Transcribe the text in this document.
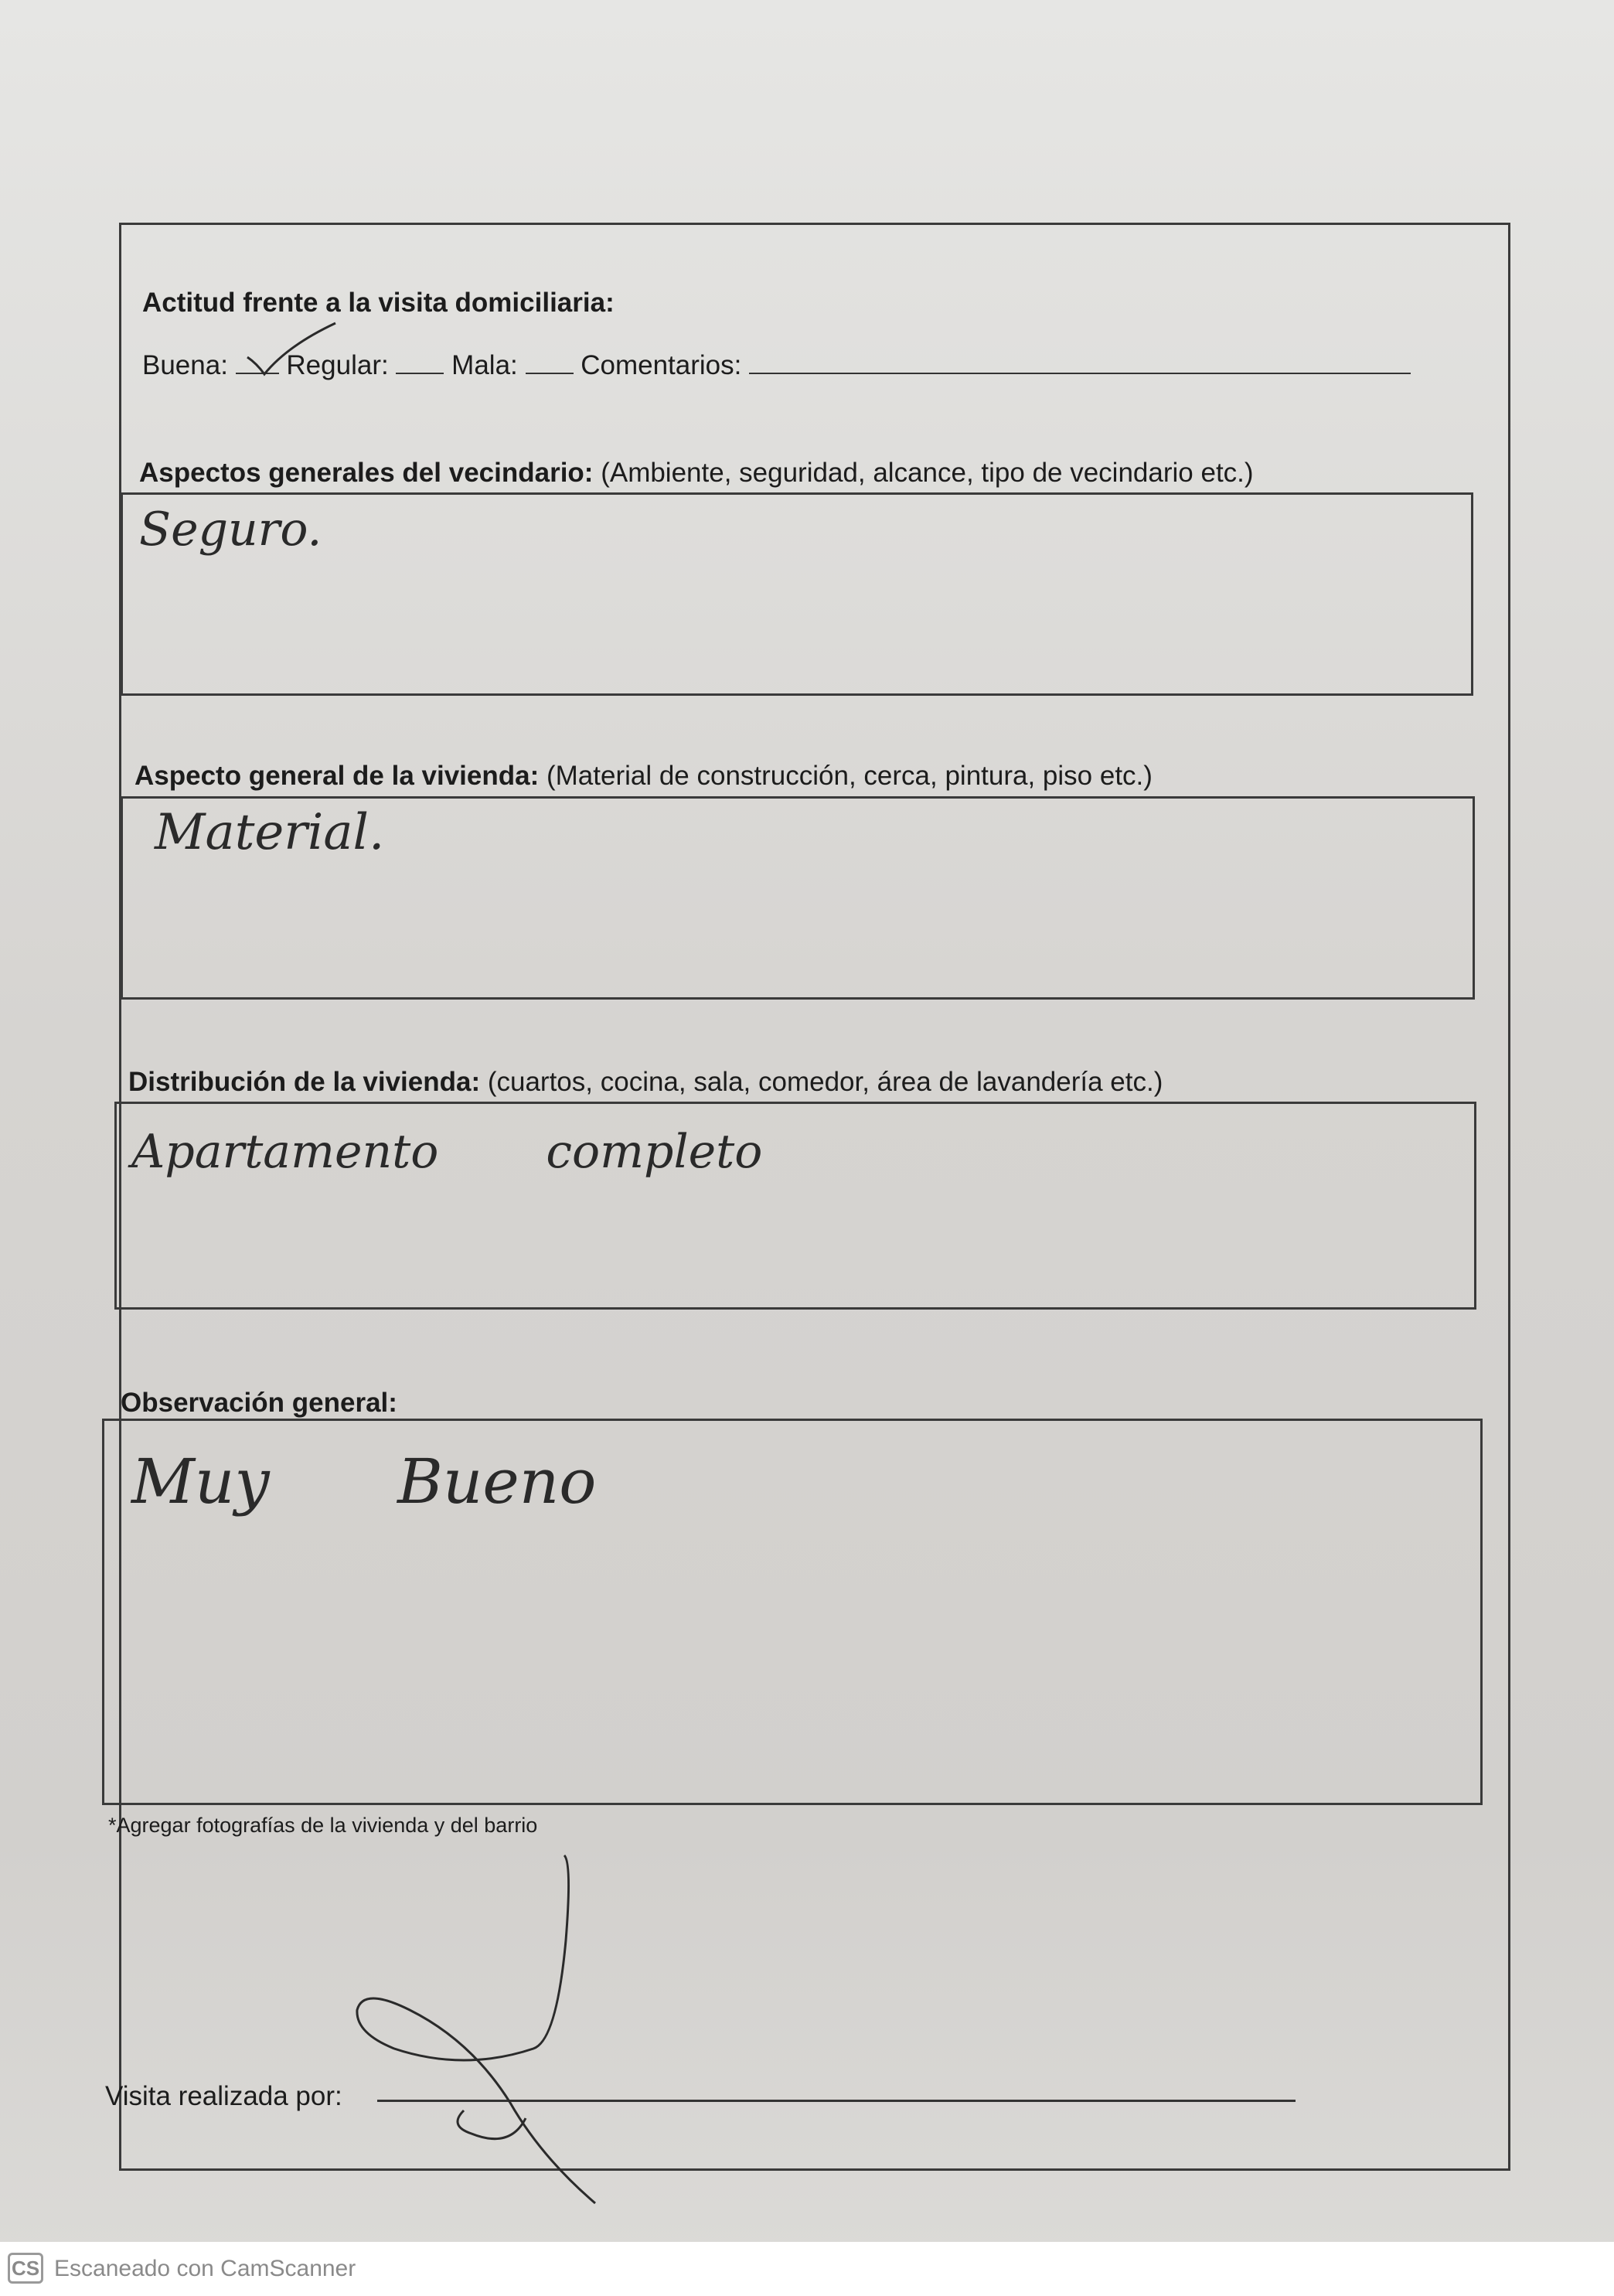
Actitud frente a la visita domiciliaria:
Buena: Regular: Mala: Comentarios:
Aspectos generales del vecindario: (Ambiente, seguridad, alcance, tipo de vecindario etc.)
Seguro.
Aspecto general de la vivienda: (Material de construcción, cerca, pintura, piso etc.)
Material.
Distribución de la vivienda: (cuartos, cocina, sala, comedor, área de lavandería etc.)
Apartamento completo
Observación general:
Muy Bueno
*Agregar fotografías de la vivienda y del barrio
Visita realizada por:
CS Escaneado con CamScanner
